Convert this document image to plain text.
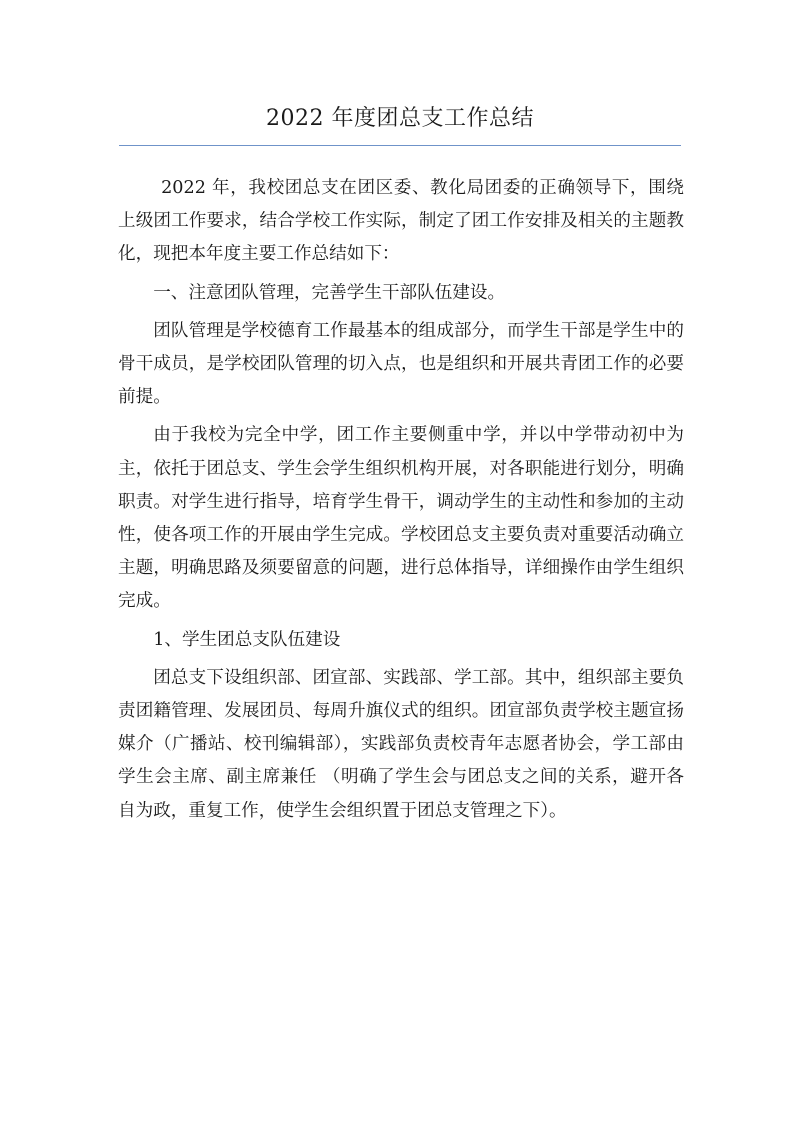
2022 年度团总支工作总结

2022 年，我校团总支在团区委、教化局团委的正确领导下，围绕上级团工作要求，结合学校工作实际，制定了团工作安排及相关的主题教化，现把本年度主要工作总结如下：

一、注意团队管理，完善学生干部队伍建设。

团队管理是学校德育工作最基本的组成部分，而学生干部是学生中的骨干成员，是学校团队管理的切入点，也是组织和开展共青团工作的必要前提。

由于我校为完全中学，团工作主要侧重中学，并以中学带动初中为主，依托于团总支、学生会学生组织机构开展，对各职能进行划分，明确职责。对学生进行指导，培育学生骨干，调动学生的主动性和参加的主动性，使各项工作的开展由学生完成。学校团总支主要负责对重要活动确立主题，明确思路及须要留意的问题，进行总体指导，详细操作由学生组织完成。

1、学生团总支队伍建设

团总支下设组织部、团宣部、实践部、学工部。其中，组织部主要负责团籍管理、发展团员、每周升旗仪式的组织。团宣部负责学校主题宣扬媒介（广播站、校刊编辑部），实践部负责校青年志愿者协会，学工部由 学生会主席、副主席兼任 （明确了学生会与团总支之间的关系，避开各自为政，重复工作，使学生会组织置于团总支管理之下）。
